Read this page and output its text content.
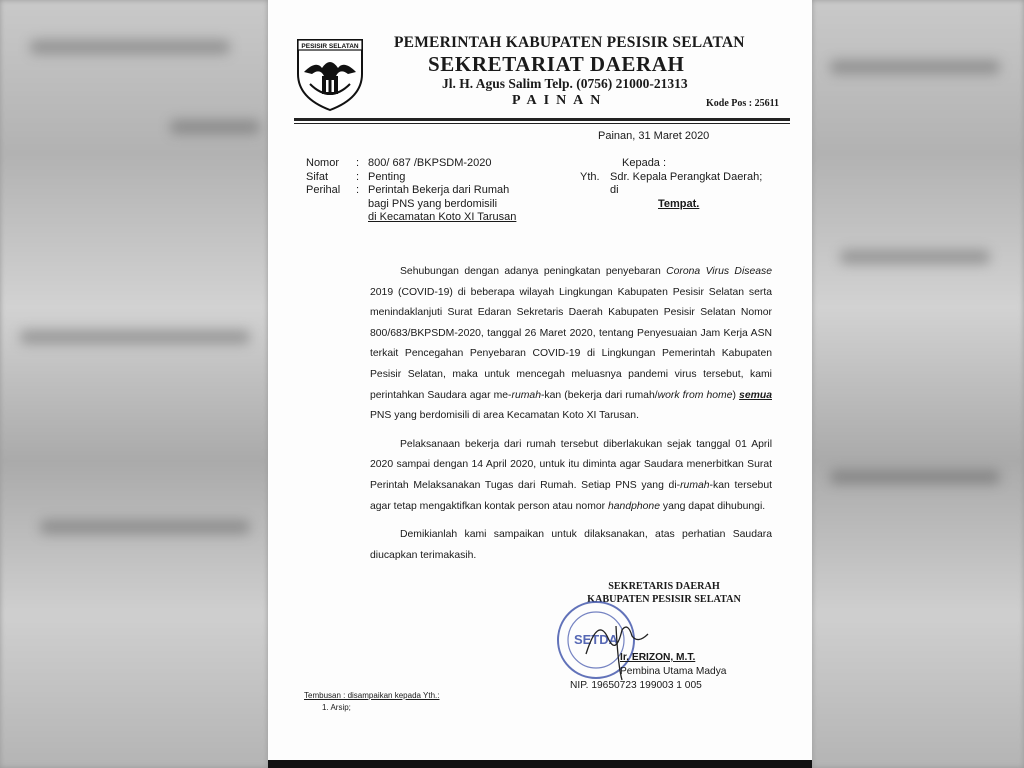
PESISIR SELATAN PEMERINTAH KABUPATEN PESISIR SELATAN
SEKRETARIAT DAERAH
Jl. H. Agus Salim Telp. (0756) 21000-21313
PAINAN	Kode Pos : 25611
Painan, 31 Maret 2020
Nomor
Sifat
Perihal
:
:
:
800/ 687 /BKPSDM-2020
Penting
Perintah Bekerja dari Rumah
bagi PNS yang berdomisili
di Kecamatan Koto XI Tarusan
Kepada :
Yth. Sdr. Kepala Perangkat Daerah;
di
Tempat.

Sehubungan dengan adanya peningkatan penyebaran Corona Virus Disease 2019 (COVID-19) di beberapa wilayah Lingkungan Kabupaten Pesisir Selatan serta menindaklanjuti Surat Edaran Sekretaris Daerah Kabupaten Pesisir Selatan Nomor 800/683/BKPSDM-2020, tanggal 26 Maret 2020, tentang Penyesuaian Jam Kerja ASN terkait Pencegahan Penyebaran COVID-19 di Lingkungan Pemerintah Kabupaten Pesisir Selatan, maka untuk mencegah meluasnya pandemi virus tersebut, kami perintahkan Saudara agar me-rumah-kan (bekerja dari rumah/work from home) semua PNS yang berdomisili di area Kecamatan Koto XI Tarusan.

Pelaksanaan bekerja dari rumah tersebut diberlakukan sejak tanggal 01 April 2020 sampai dengan 14 April 2020, untuk itu diminta agar Saudara menerbitkan Surat Perintah Melaksanakan Tugas dari Rumah. Setiap PNS yang di-rumah-kan tersebut agar tetap mengaktifkan kontak person atau nomor handphone yang dapat dihubungi.

Demikianlah kami sampaikan untuk dilaksanakan, atas perhatian Saudara diucapkan terimakasih.

SEKRETARIS DAERAH
KABUPATEN PESISIR SELATAN
SETDA
Ir. ERIZON, M.T.
Pembina Utama Madya
NIP. 19650723 199003 1 005
Tembusan : disampaikan kepada Yth.:
1. Arsip;
